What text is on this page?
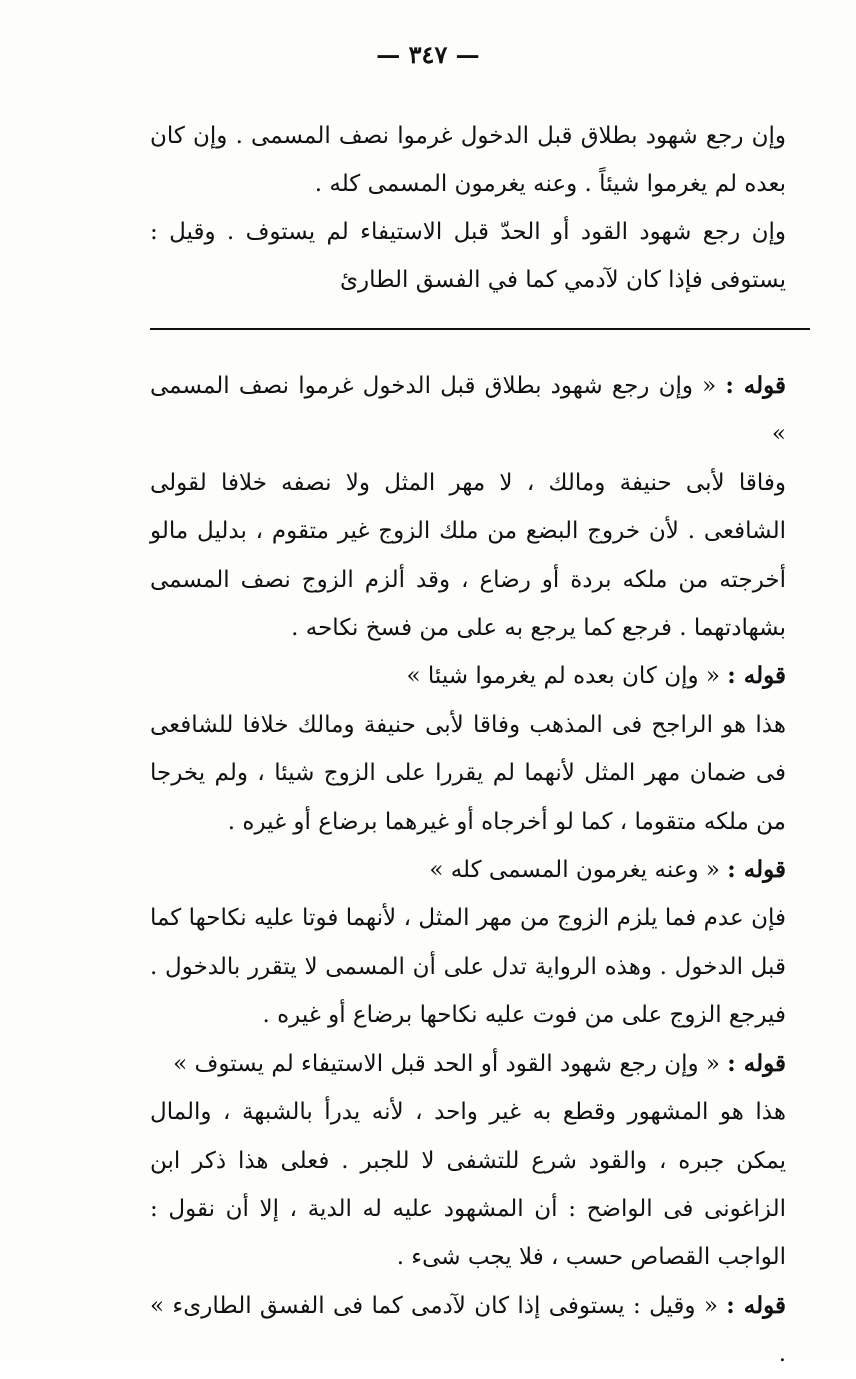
— ٣٤٧ —

وإن رجع شهود بطلاق قبل الدخول غرموا نصف المسمى . وإن كان بعده لم يغرموا شيئاً . وعنه يغرمون المسمى كله .

وإن رجع شهود القود أو الحدّ قبل الاستيفاء لم يستوف . وقيل : يستوفى فإذا كان لآدمي كما في الفسق الطارئ

قوله : « وإن رجع شهود بطلاق قبل الدخول غرموا نصف المسمى »

وفاقا لأبى حنيفة ومالك ، لا مهر المثل ولا نصفه خلافا لقولى الشافعى . لأن خروج البضع من ملك الزوج غير متقوم ، بدليل مالو أخرجته من ملكه بردة أو رضاع ، وقد ألزم الزوج نصف المسمى بشهادتهما . فرجع كما يرجع به على من فسخ نكاحه .

قوله : « وإن كان بعده لم يغرموا شيئا »

هذا هو الراجح فى المذهب وفاقا لأبى حنيفة ومالك خلافا للشافعى فى ضمان مهر المثل لأنهما لم يقررا على الزوج شيئا ، ولم يخرجا من ملكه متقوما ، كما لو أخرجاه أو غيرهما برضاع أو غيره .

قوله : « وعنه يغرمون المسمى كله »

فإن عدم فما يلزم الزوج من مهر المثل ، لأنهما فوتا عليه نكاحها كما قبل الدخول . وهذه الرواية تدل على أن المسمى لا يتقرر بالدخول . فيرجع الزوج على من فوت عليه نكاحها برضاع أو غيره .

قوله : « وإن رجع شهود القود أو الحد قبل الاستيفاء لم يستوف »

هذا هو المشهور وقطع به غير واحد ، لأنه يدرأ بالشبهة ، والمال يمكن جبره ، والقود شرع للتشفى لا للجبر . فعلى هذا ذكر ابن الزاغونى فى الواضح : أن المشهود عليه له الدية ، إلا أن نقول : الواجب القصاص حسب ، فلا يجب شىء .

قوله : « وقيل : يستوفى إذا كان لآدمى كما فى الفسق الطارىء » .
